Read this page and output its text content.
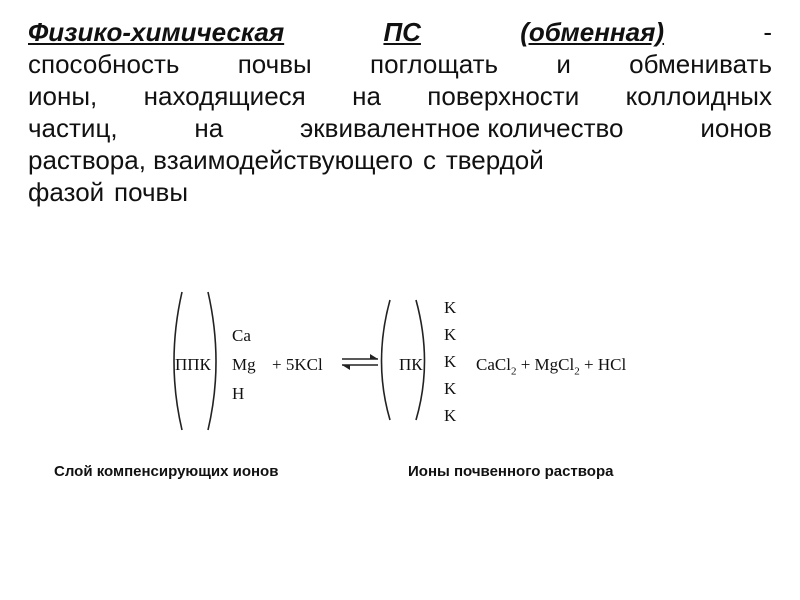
Физико-химическая	ПС	(обменная)	-
способность почвы поглощать и обменивать
ионы, находящиеся на поверхности коллоидных
частиц,	на	эквивалентное количество	ионов
раствора, взаимодействующего с твердой
фазой почвы
ППК
Ca
Mg
H
+ 5KCl	ПК
K
K
K
K
K
CaCl$_2$ + MgCl$_2$ + HCl
Слой компенсирующих ионов	Ионы почвенного раствора
